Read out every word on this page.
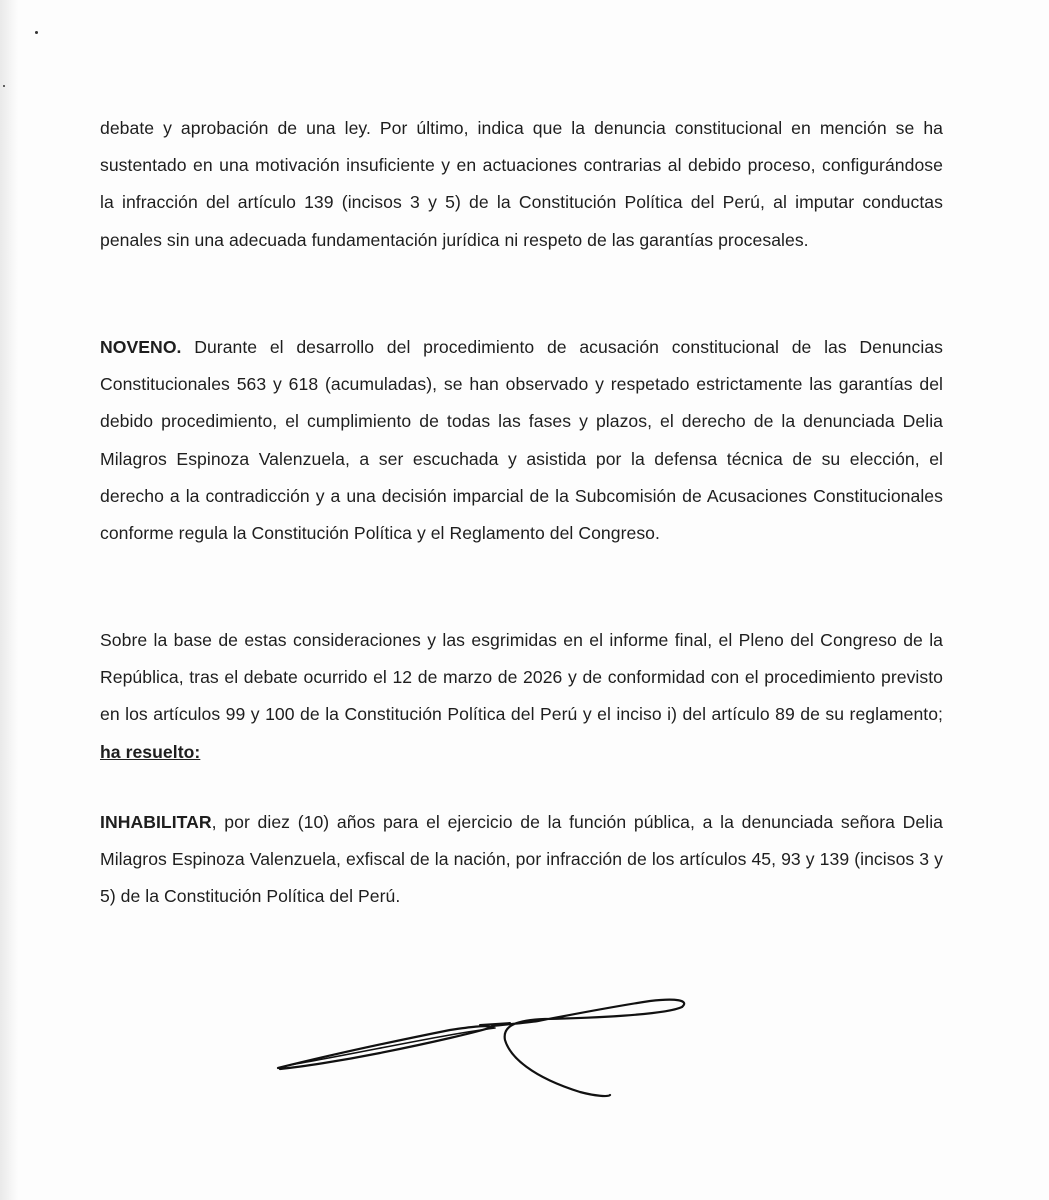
debate y aprobación de una ley. Por último, indica que la denuncia constitucional en mención se ha sustentado en una motivación insuficiente y en actuaciones contrarias al debido proceso, configurándose la infracción del artículo 139 (incisos 3 y 5) de la Constitución Política del Perú, al imputar conductas penales sin una adecuada fundamentación jurídica ni respeto de las garantías procesales.

NOVENO. Durante el desarrollo del procedimiento de acusación constitucional de las Denuncias Constitucionales 563 y 618 (acumuladas), se han observado y respetado estrictamente las garantías del debido procedimiento, el cumplimiento de todas las fases y plazos, el derecho de la denunciada Delia Milagros Espinoza Valenzuela, a ser escuchada y asistida por la defensa técnica de su elección, el derecho a la contradicción y a una decisión imparcial de la Subcomisión de Acusaciones Constitucionales conforme regula la Constitución Política y el Reglamento del Congreso.

Sobre la base de estas consideraciones y las esgrimidas en el informe final, el Pleno del Congreso de la República, tras el debate ocurrido el 12 de marzo de 2026 y de conformidad con el procedimiento previsto en los artículos 99 y 100 de la Constitución Política del Perú y el inciso i) del artículo 89 de su reglamento; ha resuelto:

INHABILITAR, por diez (10) años para el ejercicio de la función pública, a la denunciada señora Delia Milagros Espinoza Valenzuela, exfiscal de la nación, por infracción de los artículos 45, 93 y 139 (incisos 3 y 5) de la Constitución Política del Perú.
